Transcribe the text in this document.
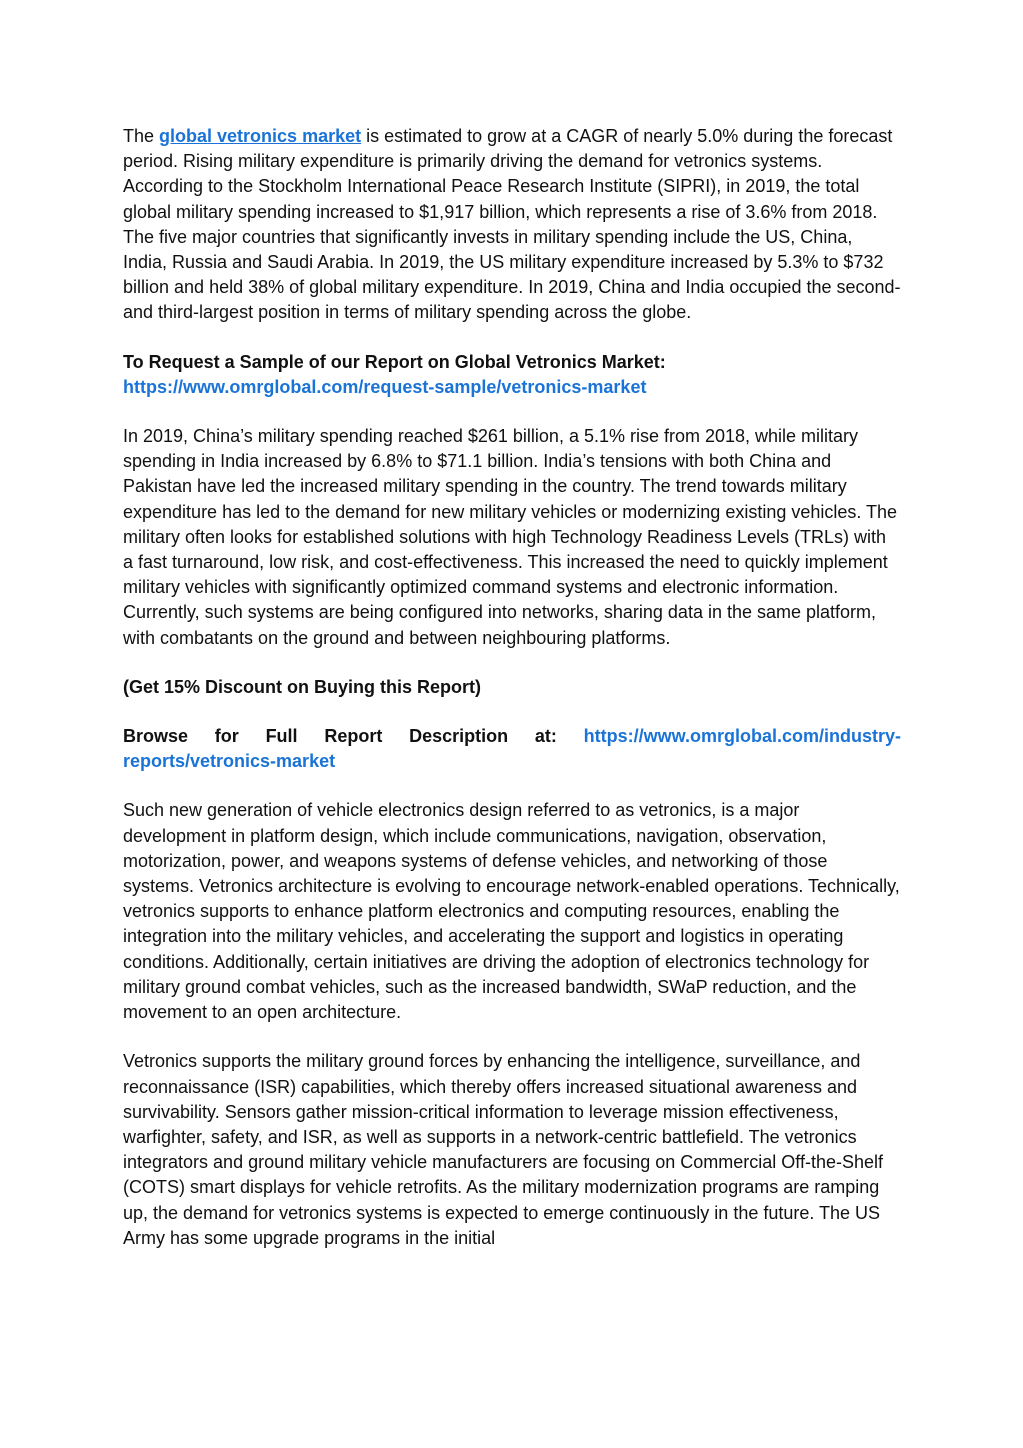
The global vetronics market is estimated to grow at a CAGR of nearly 5.0% during the forecast period. Rising military expenditure is primarily driving the demand for vetronics systems. According to the Stockholm International Peace Research Institute (SIPRI), in 2019, the total global military spending increased to $1,917 billion, which represents a rise of 3.6% from 2018. The five major countries that significantly invests in military spending include the US, China, India, Russia and Saudi Arabia. In 2019, the US military expenditure increased by 5.3% to $732 billion and held 38% of global military expenditure. In 2019, China and India occupied the second- and third-largest position in terms of military spending across the globe.

To Request a Sample of our Report on Global Vetronics Market:
https://www.omrglobal.com/request-sample/vetronics-market

In 2019, China’s military spending reached $261 billion, a 5.1% rise from 2018, while military spending in India increased by 6.8% to $71.1 billion. India’s tensions with both China and Pakistan have led the increased military spending in the country. The trend towards military expenditure has led to the demand for new military vehicles or modernizing existing vehicles. The military often looks for established solutions with high Technology Readiness Levels (TRLs) with a fast turnaround, low risk, and cost-effectiveness. This increased the need to quickly implement military vehicles with significantly optimized command systems and electronic information. Currently, such systems are being configured into networks, sharing data in the same platform, with combatants on the ground and between neighbouring platforms.

(Get 15% Discount on Buying this Report)

Browse for Full Report Description at: https://www.omrglobal.com/industry-
reports/vetronics-market

Such new generation of vehicle electronics design referred to as vetronics, is a major development in platform design, which include communications, navigation, observation, motorization, power, and weapons systems of defense vehicles, and networking of those systems. Vetronics architecture is evolving to encourage network-enabled operations. Technically, vetronics supports to enhance platform electronics and computing resources, enabling the integration into the military vehicles, and accelerating the support and logistics in operating conditions. Additionally, certain initiatives are driving the adoption of electronics technology for military ground combat vehicles, such as the increased bandwidth, SWaP reduction, and the movement to an open architecture.

Vetronics supports the military ground forces by enhancing the intelligence, surveillance, and reconnaissance (ISR) capabilities, which thereby offers increased situational awareness and survivability. Sensors gather mission-critical information to leverage mission effectiveness, warfighter, safety, and ISR, as well as supports in a network-centric battlefield. The vetronics integrators and ground military vehicle manufacturers are focusing on Commercial Off-the-Shelf (COTS) smart displays for vehicle retrofits. As the military modernization programs are ramping up, the demand for vetronics systems is expected to emerge continuously in the future. The US Army has some upgrade programs in the initial
